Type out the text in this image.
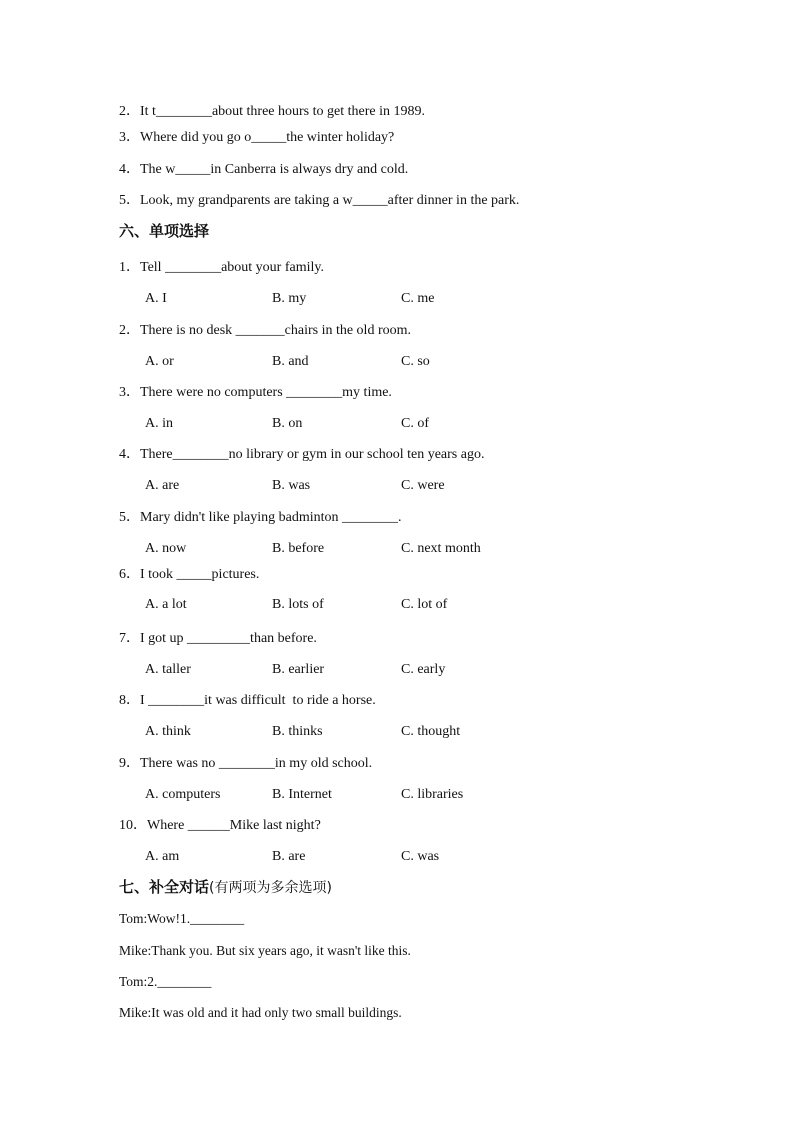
2．It t________about three hours to get there in 1989.
3．Where did you go o_____the winter holiday?
4．The w_____in Canberra is always dry and cold.
5．Look, my grandparents are taking a w_____after dinner in the park.
六、单项选择
1．Tell ________about your family.
A. I	B. my	C. me
2．There is no desk _______chairs in the old room.
A. or	B. and	C. so
3．There were no computers ________my time.
A. in	B. on	C. of
4．There________no library or gym in our school ten years ago.
A. are	B. was	C. were
5．Mary didn't like playing badminton ________.
A. now	B. before	C. next month
6．I took _____pictures.
A. a lot	B. lots of	C. lot of
7．I got up _________than before.
A. taller	B. earlier	C. early
8．I ________it was difficult  to ride a horse.
A. think	B. thinks	C. thought
9．There was no ________in my old school.
A. computers	B. Internet	C. libraries
10．Where ______Mike last night?
A. am	B. are	C. was
七、补全对话(有两项为多余选项)
Tom:Wow!1.________
Mike:Thank you. But six years ago, it wasn't like this.
Tom:2.________
Mike:It was old and it had only two small buildings.
